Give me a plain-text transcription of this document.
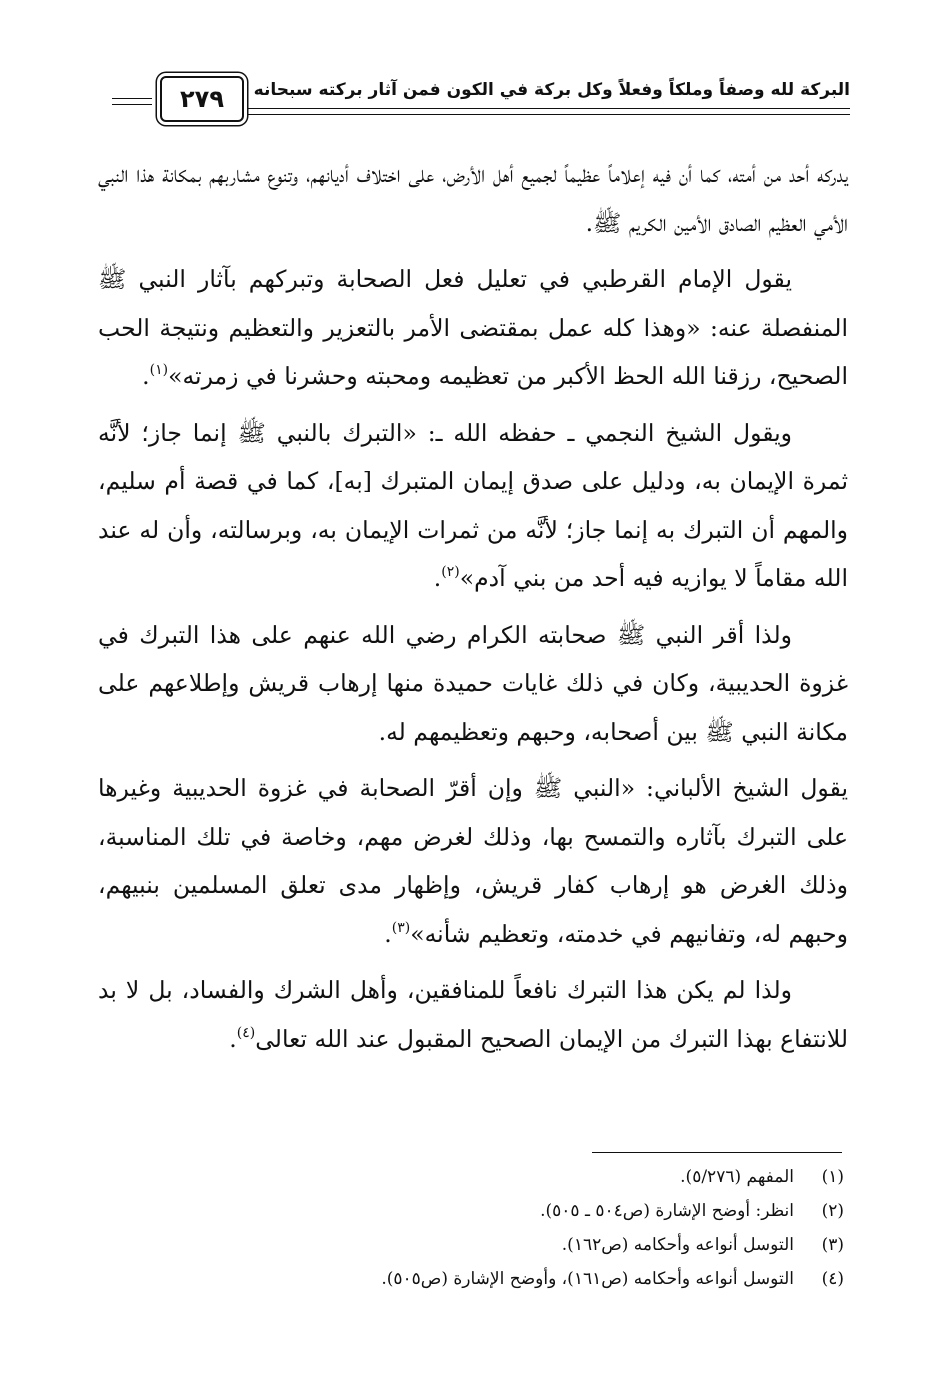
البركة لله وصفاً وملكاً وفعلاً وكل بركة في الكون فمن آثار بركته سبحانه
٢٧٩

يدركه أحد من أمته، كما أن فيه إعلاماً عظيماً لجميع أهل الأرض، على اختلاف أديانهم، وتنوع مشاربهم بمكانة هذا النبي الأمي العظيم الصادق الأمين الكريم ﷺ.

يقول الإمام القرطبي في تعليل فعل الصحابة وتبركهم بآثار النبي ﷺ المنفصلة عنه: «وهذا كله عمل بمقتضى الأمر بالتعزير والتعظيم ونتيجة الحب الصحيح، رزقنا الله الحظ الأكبر من تعظيمه ومحبته وحشرنا في زمرته»$^{(١)}$.

ويقول الشيخ النجمي ـ حفظه الله ـ: «التبرك بالنبي ﷺ إنما جاز؛ لأنَّه ثمرة الإيمان به، ودليل على صدق إيمان المتبرك [به]، كما في قصة أم سليم، والمهم أن التبرك به إنما جاز؛ لأنَّه من ثمرات الإيمان به، وبرسالته، وأن له عند الله مقاماً لا يوازيه فيه أحد من بني آدم»$^{(٢)}$.

ولذا أقر النبي ﷺ صحابته الكرام رضي الله عنهم على هذا التبرك في غزوة الحديبية، وكان في ذلك غايات حميدة منها إرهاب قريش وإطلاعهم على مكانة النبي ﷺ بين أصحابه، وحبهم وتعظيمهم له.

يقول الشيخ الألباني: «النبي ﷺ وإن أقرّ الصحابة في غزوة الحديبية وغيرها على التبرك بآثاره والتمسح بها، وذلك لغرض مهم، وخاصة في تلك المناسبة، وذلك الغرض هو إرهاب كفار قريش، وإظهار مدى تعلق المسلمين بنبيهم، وحبهم له، وتفانيهم في خدمته، وتعظيم شأنه»$^{(٣)}$.

ولذا لم يكن هذا التبرك نافعاً للمنافقين، وأهل الشرك والفساد، بل لا بد للانتفاع بهذا التبرك من الإيمان الصحيح المقبول عند الله تعالى$^{(٤)}$.

(١)
المفهم (٥/٢٧٦).
(٢)
انظر: أوضح الإشارة (ص٥٠٤ ـ ٥٠٥).
(٣)
التوسل أنواعه وأحكامه (ص١٦٢).
(٤)
التوسل أنواعه وأحكامه (ص١٦١)، وأوضح الإشارة (ص٥٠٥).
